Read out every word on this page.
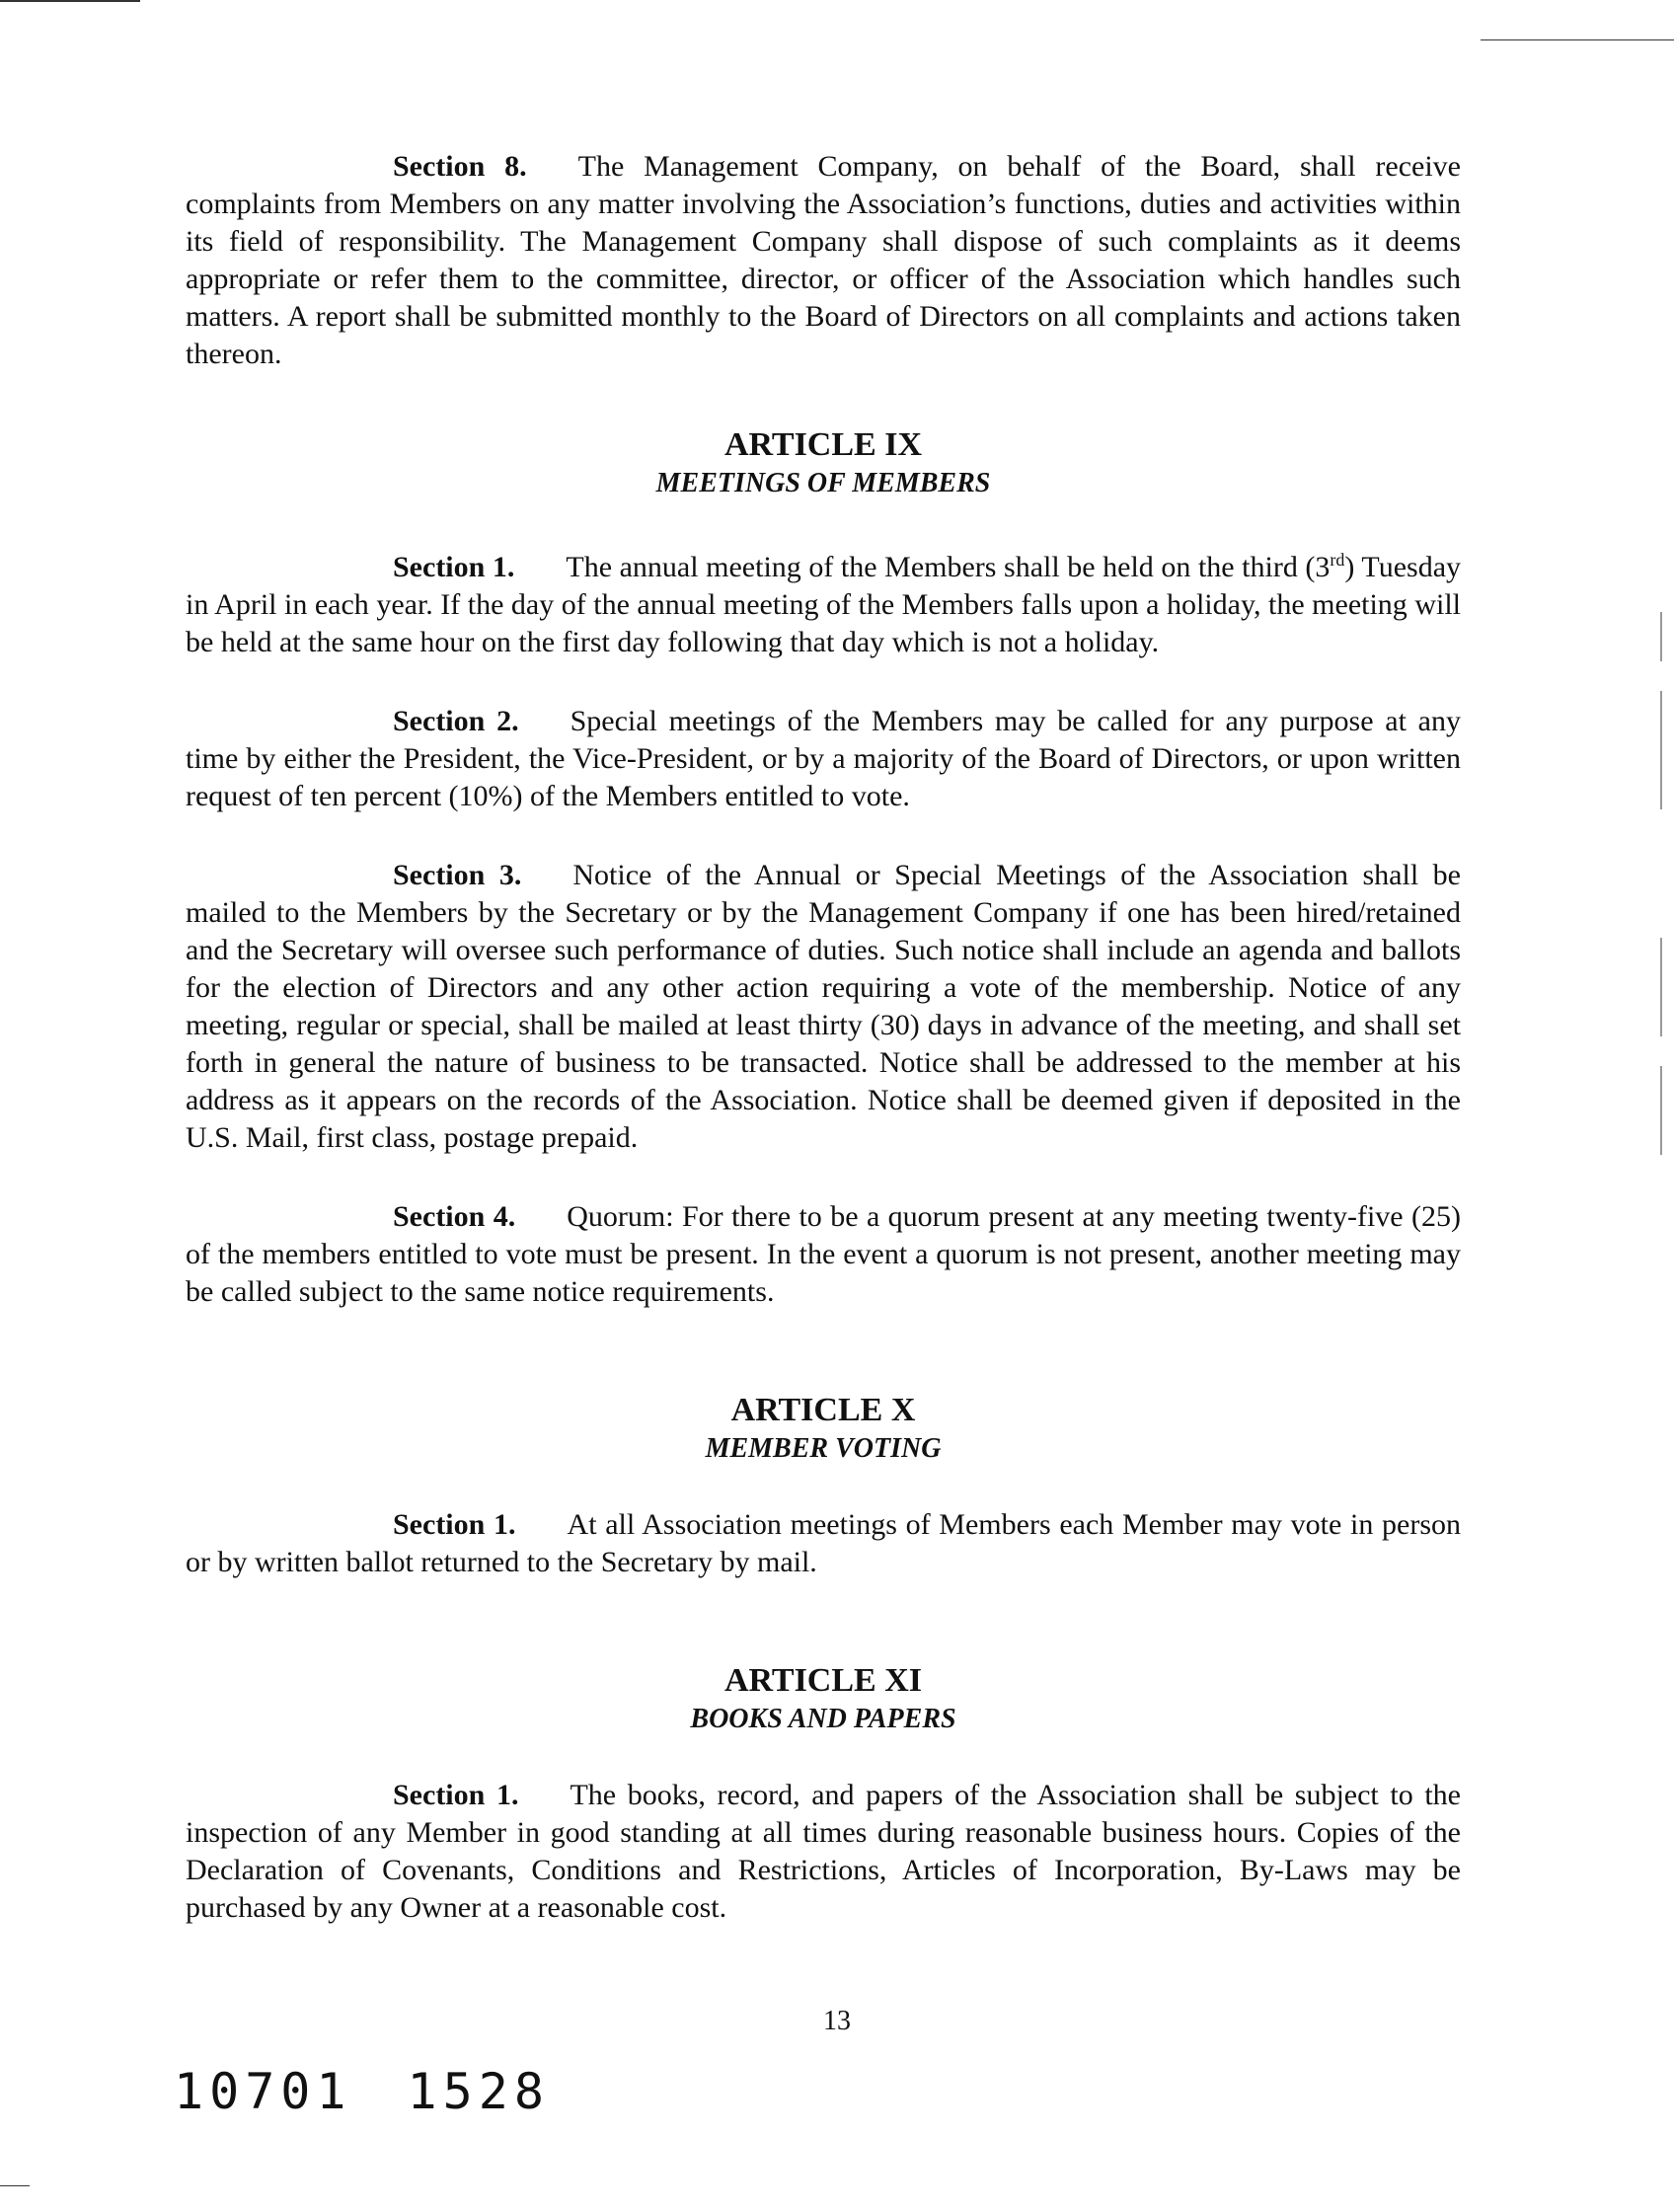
Section 8. The Management Company, on behalf of the Board, shall receive complaints from Members on any matter involving the Association’s functions, duties and activities within its field of responsibility. The Management Company shall dispose of such complaints as it deems appropriate or refer them to the committee, director, or officer of the Association which handles such matters. A report shall be submitted monthly to the Board of Directors on all complaints and actions taken thereon.

ARTICLE IX
MEETINGS OF MEMBERS

Section 1. The annual meeting of the Members shall be held on the third (3rd) Tuesday in April in each year. If the day of the annual meeting of the Members falls upon a holiday, the meeting will be held at the same hour on the first day following that day which is not a holiday.

Section 2. Special meetings of the Members may be called for any purpose at any time by either the President, the Vice-President, or by a majority of the Board of Directors, or upon written request of ten percent (10%) of the Members entitled to vote.

Section 3. Notice of the Annual or Special Meetings of the Association shall be mailed to the Members by the Secretary or by the Management Company if one has been hired/retained and the Secretary will oversee such performance of duties. Such notice shall include an agenda and ballots for the election of Directors and any other action requiring a vote of the membership. Notice of any meeting, regular or special, shall be mailed at least thirty (30) days in advance of the meeting, and shall set forth in general the nature of business to be transacted. Notice shall be addressed to the member at his address as it appears on the records of the Association. Notice shall be deemed given if deposited in the U.S. Mail, first class, postage prepaid.

Section 4. Quorum: For there to be a quorum present at any meeting twenty-five (25) of the members entitled to vote must be present. In the event a quorum is not present, another meeting may be called subject to the same notice requirements.

ARTICLE X
MEMBER VOTING

Section 1. At all Association meetings of Members each Member may vote in person or by written ballot returned to the Secretary by mail.

ARTICLE XI
BOOKS AND PAPERS

Section 1. The books, record, and papers of the Association shall be subject to the inspection of any Member in good standing at all times during reasonable business hours. Copies of the Declaration of Covenants, Conditions and Restrictions, Articles of Incorporation, By-Laws may be purchased by any Owner at a reasonable cost.

13
10701 1528
